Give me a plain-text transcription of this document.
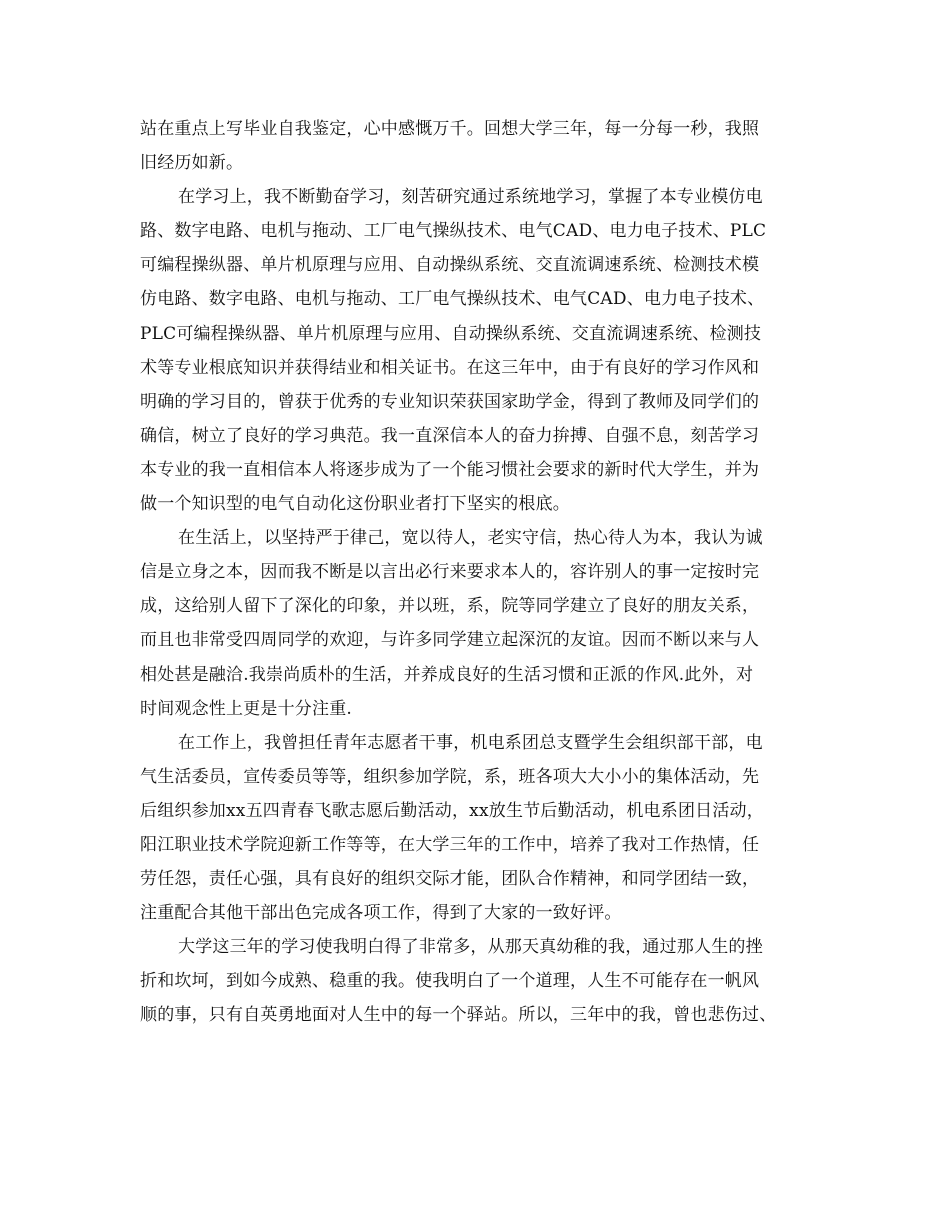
站在重点上写毕业自我鉴定，心中感慨万千。回想大学三年，每一分每一秒，我照
旧经历如新。
在学习上，我不断勤奋学习，刻苦研究通过系统地学习，掌握了本专业模仿电
路、数字电路、电机与拖动、工厂电气操纵技术、电气CAD、电力电子技术、PLC
可编程操纵器、单片机原理与应用、自动操纵系统、交直流调速系统、检测技术模
仿电路、数字电路、电机与拖动、工厂电气操纵技术、电气CAD、电力电子技术、
PLC可编程操纵器、单片机原理与应用、自动操纵系统、交直流调速系统、检测技
术等专业根底知识并获得结业和相关证书。在这三年中，由于有良好的学习作风和
明确的学习目的，曾获于优秀的专业知识荣获国家助学金，得到了教师及同学们的
确信，树立了良好的学习典范。我一直深信本人的奋力拚搏、自强不息，刻苦学习
本专业的我一直相信本人将逐步成为了一个能习惯社会要求的新时代大学生，并为
做一个知识型的电气自动化这份职业者打下坚实的根底。
在生活上，以坚持严于律己，宽以待人，老实守信，热心待人为本，我认为诚
信是立身之本，因而我不断是以言出必行来要求本人的，容许别人的事一定按时完
成，这给别人留下了深化的印象，并以班，系，院等同学建立了良好的朋友关系，
而且也非常受四周同学的欢迎，与许多同学建立起深沉的友谊。因而不断以来与人
相处甚是融洽.我崇尚质朴的生活，并养成良好的生活习惯和正派的作风.此外，对
时间观念性上更是十分注重.
在工作上，我曾担任青年志愿者干事，机电系团总支暨学生会组织部干部，电
气生活委员，宣传委员等等，组织参加学院，系，班各项大大小小的集体活动，先
后组织参加xx五四青春飞歌志愿后勤活动，xx放生节后勤活动，机电系团日活动，
阳江职业技术学院迎新工作等等，在大学三年的工作中，培养了我对工作热情，任
劳任怨，责任心强，具有良好的组织交际才能，团队合作精神，和同学团结一致，
注重配合其他干部出色完成各项工作，得到了大家的一致好评。
大学这三年的学习使我明白得了非常多，从那天真幼稚的我，通过那人生的挫
折和坎坷，到如今成熟、稳重的我。使我明白了一个道理，人生不可能存在一帆风
顺的事，只有自英勇地面对人生中的每一个驿站。所以，三年中的我，曾也悲伤过、
